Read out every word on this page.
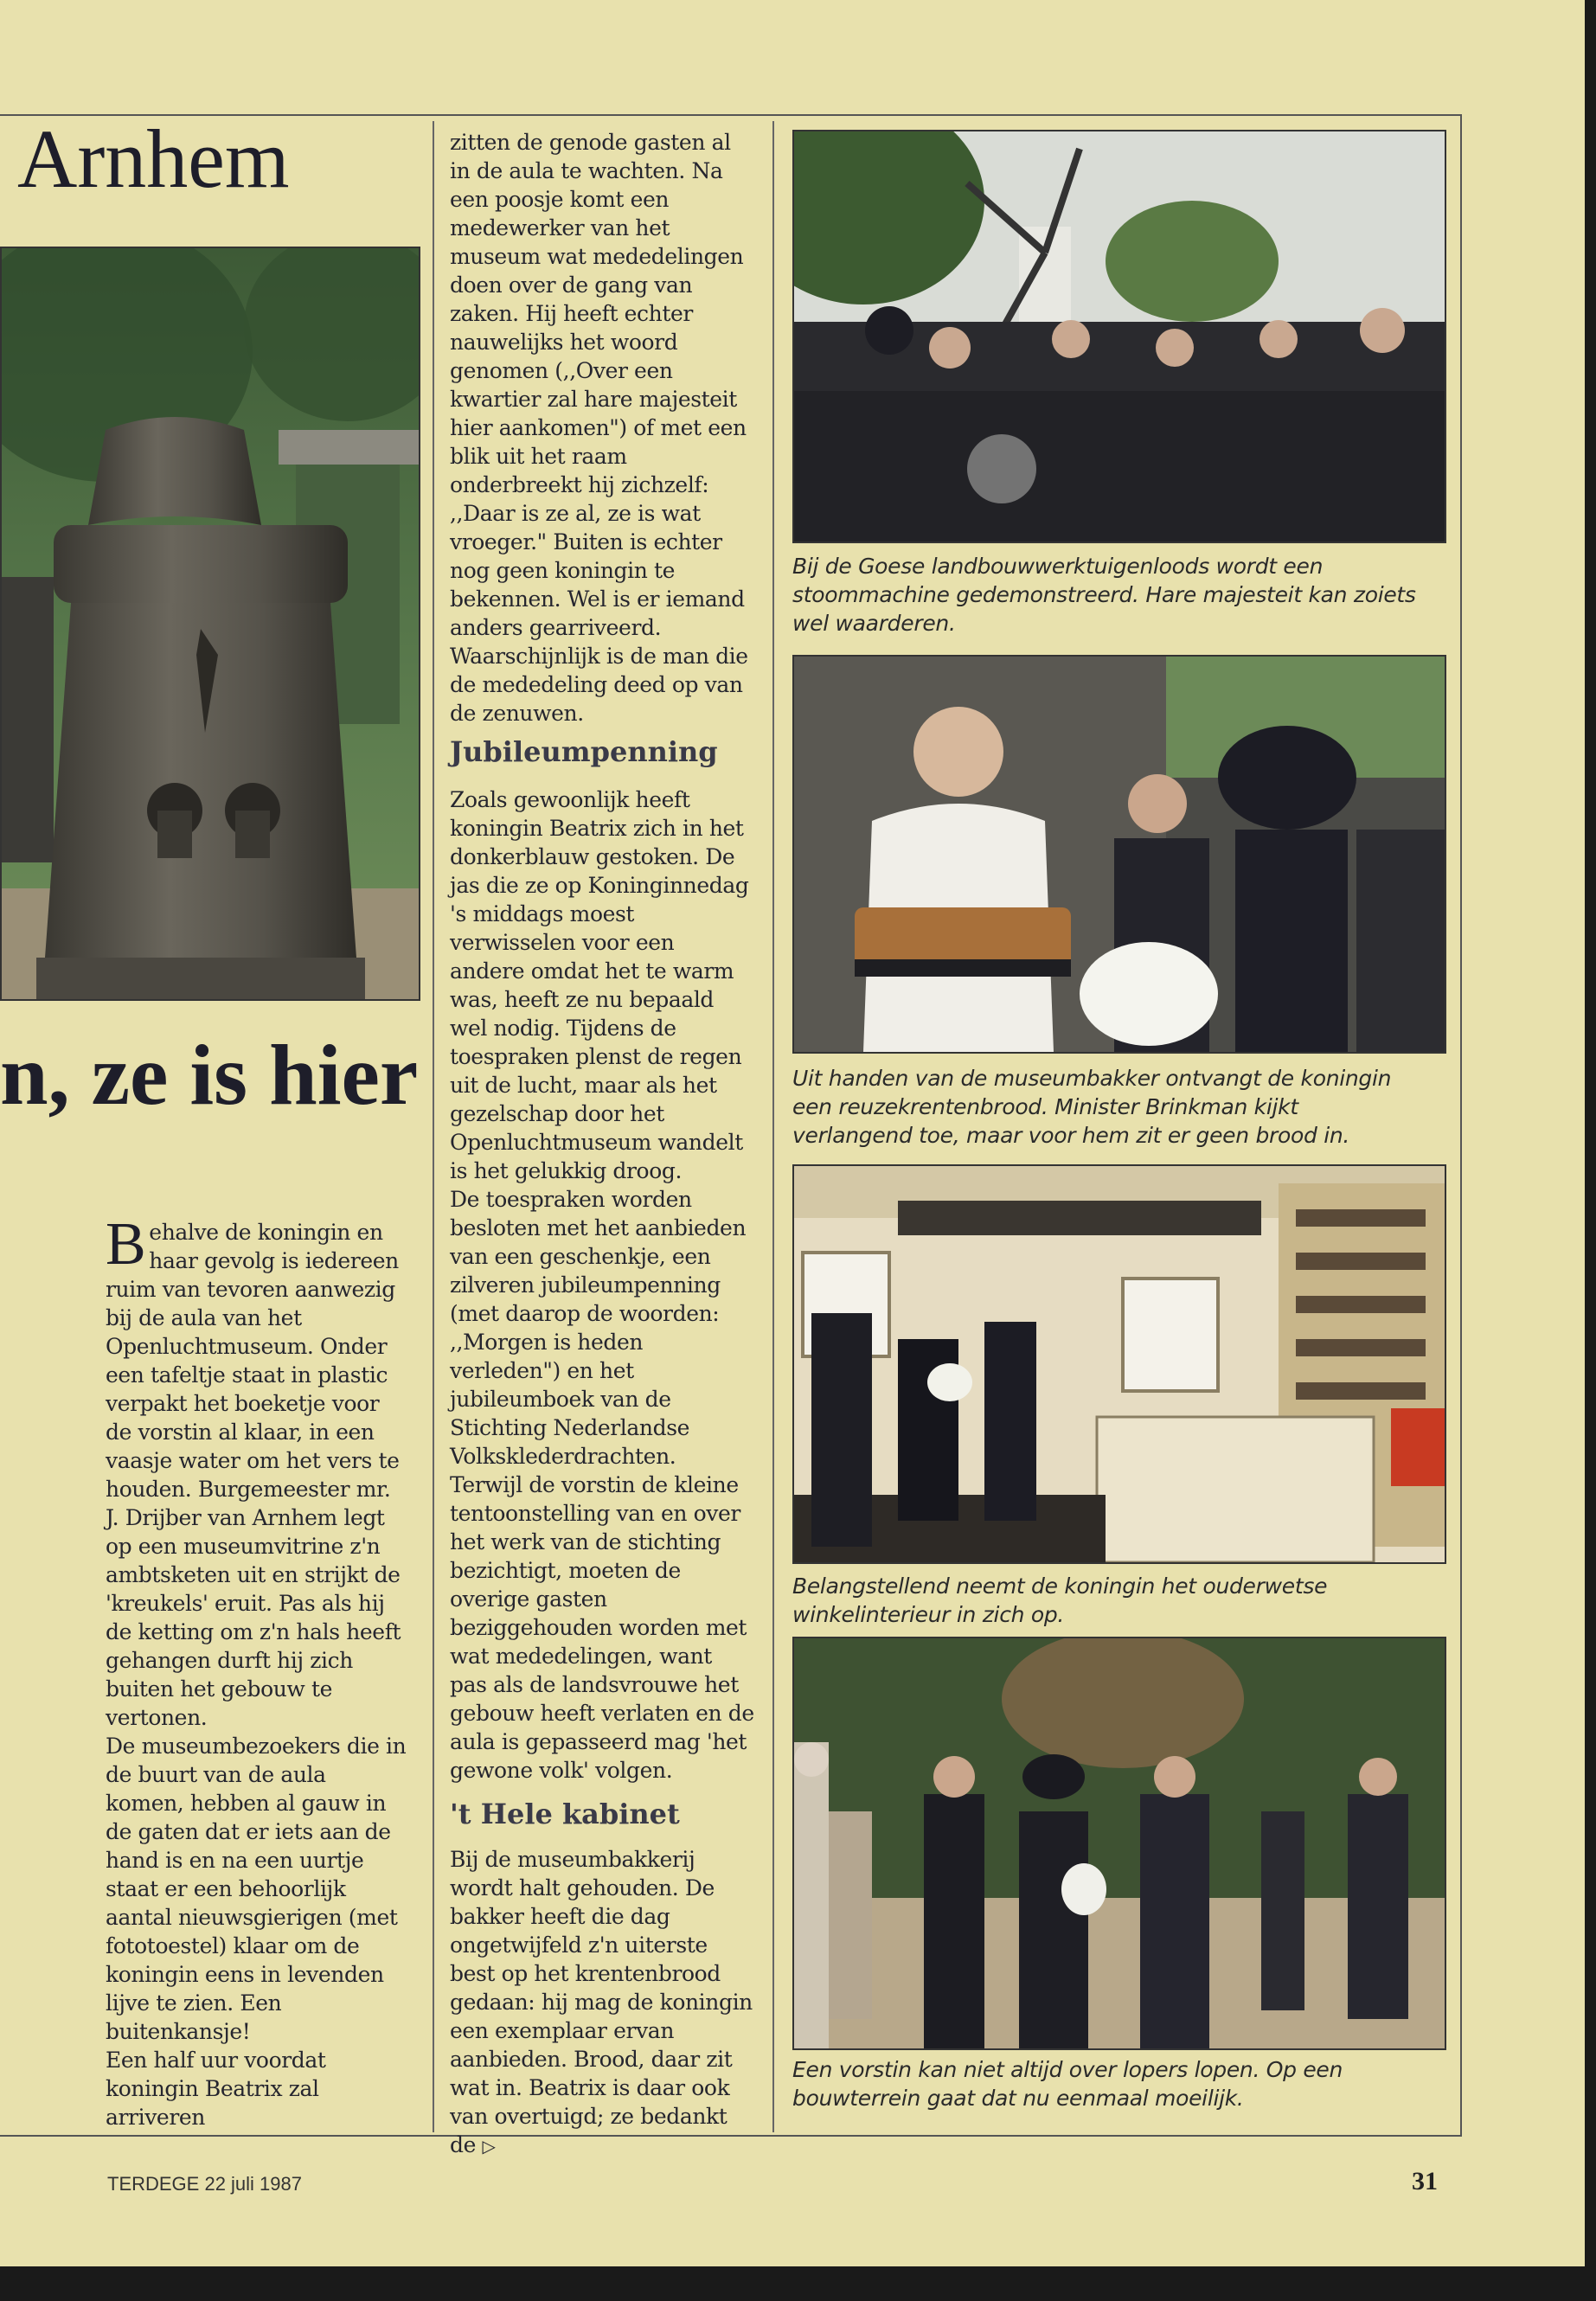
Arnhem
n, ze is hier

Behalve de koningin en haar gevolg is iedereen ruim van tevoren aanwezig bij de aula van het Openluchtmuseum. Onder een tafeltje staat in plastic verpakt het boeketje voor de vorstin al klaar, in een vaasje water om het vers te houden. Burgemeester mr. J. Drijber van Arnhem legt op een museumvitrine z'n ambtsketen uit en strijkt de 'kreukels' eruit. Pas als hij de ketting om z'n hals heeft gehangen durft hij zich buiten het gebouw te vertonen.

De museumbezoekers die in de buurt van de aula komen, hebben al gauw in de gaten dat er iets aan de hand is en na een uurtje staat er een behoorlijk aantal nieuwsgierigen (met fototoestel) klaar om de koningin eens in levenden lijve te zien. Een buitenkansje!

Een half uur voordat koningin Beatrix zal arriveren

zitten de genode gasten al in de aula te wachten. Na een poosje komt een medewerker van het museum wat mededelingen doen over de gang van zaken. Hij heeft echter nauwelijks het woord genomen (,,Over een kwartier zal hare majesteit hier aankomen") of met een blik uit het raam onderbreekt hij zichzelf: ,,Daar is ze al, ze is wat vroeger." Buiten is echter nog geen koningin te bekennen. Wel is er iemand anders gearriveerd. Waarschijnlijk is de man die de mededeling deed op van de zenuwen.

Jubileumpenning

Zoals gewoonlijk heeft koningin Beatrix zich in het donkerblauw gestoken. De jas die ze op Koninginnedag 's middags moest verwisselen voor een andere omdat het te warm was, heeft ze nu bepaald wel nodig. Tijdens de toespraken plenst de regen uit de lucht, maar als het gezelschap door het Openluchtmuseum wandelt is het gelukkig droog.

De toespraken worden besloten met het aanbieden van een geschenkje, een zilveren jubileumpenning (met daarop de woorden: ,,Morgen is heden verleden") en het jubileumboek van de Stichting Nederlandse Volksklederdrachten. Terwijl de vorstin de kleine tentoonstelling van en over het werk van de stichting bezichtigt, moeten de overige gasten beziggehouden worden met wat mededelingen, want pas als de landsvrouwe het gebouw heeft verlaten en de aula is gepasseerd mag 'het gewone volk' volgen.

't Hele kabinet

Bij de museumbakkerij wordt halt gehouden. De bakker heeft die dag ongetwijfeld z'n uiterste best op het krentenbrood gedaan: hij mag de koningin een exemplaar ervan aanbieden. Brood, daar zit wat in. Beatrix is daar ook van overtuigd; ze bedankt de ▷

Bij de Goese landbouwwerktuigenloods wordt een stoommachine gedemonstreerd. Hare majesteit kan zoiets wel waarderen.
Uit handen van de museumbakker ontvangt de koningin een reuzekrentenbrood. Minister Brinkman kijkt verlangend toe, maar voor hem zit er geen brood in.
Belangstellend neemt de koningin het ouderwetse winkelinterieur in zich op.
Een vorstin kan niet altijd over lopers lopen. Op een bouwterrein gaat dat nu eenmaal moeilijk.
TERDEGE 22 juli 1987	31
